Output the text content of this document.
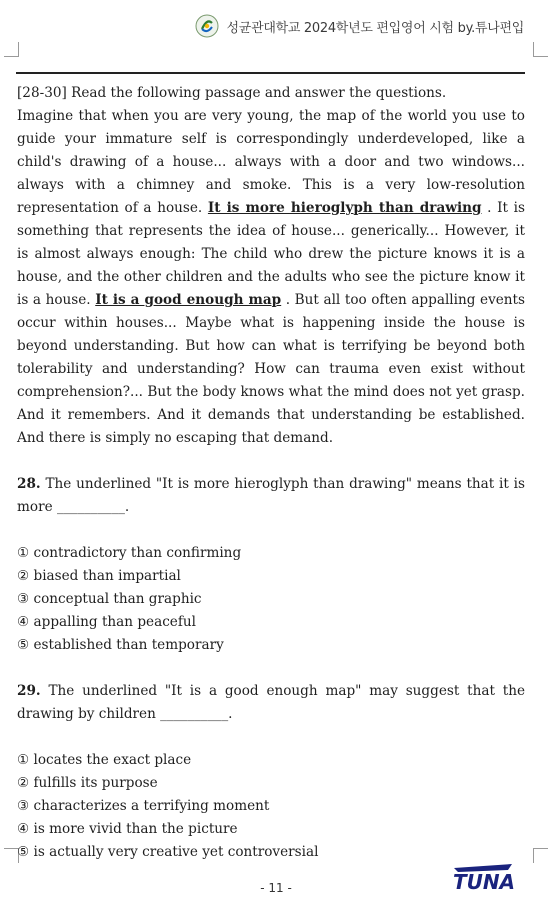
성균관대학교 2024학년도 편입영어 시험 by.튜나편입

[28-30] Read the following passage and answer the questions.

Imagine that when you are very young, the map of the world you use to guide your immature self is correspondingly underdeveloped, like a child's drawing of a house... always with a door and two windows... always with a chimney and smoke. This is a very low-resolution representation of a house. It is more hieroglyph than drawing . It is something that represents the idea of house... generically... However, it is almost always enough: The child who drew the picture knows it is a house, and the other children and the adults who see the picture know it is a house. It is a good enough map . But all too often appalling events occur within houses... Maybe what is happening inside the house is beyond understanding. But how can what is terrifying be beyond both tolerability and understanding? How can trauma even exist without comprehension?... But the body knows what the mind does not yet grasp. And it remembers. And it demands that understanding be established. And there is simply no escaping that demand.

28. The underlined "It is more hieroglyph than drawing" means that it is more __________.

① contradictory than confirming
② biased than impartial
③ conceptual than graphic
④ appalling than peaceful
⑤ established than temporary

29. The underlined "It is a good enough map" may suggest that the drawing by children __________.

① locates the exact place
② fulfills its purpose
③ characterizes a terrifying moment
④ is more vivid than the picture
⑤ is actually very creative yet controversial
- 11 -	TUNA
